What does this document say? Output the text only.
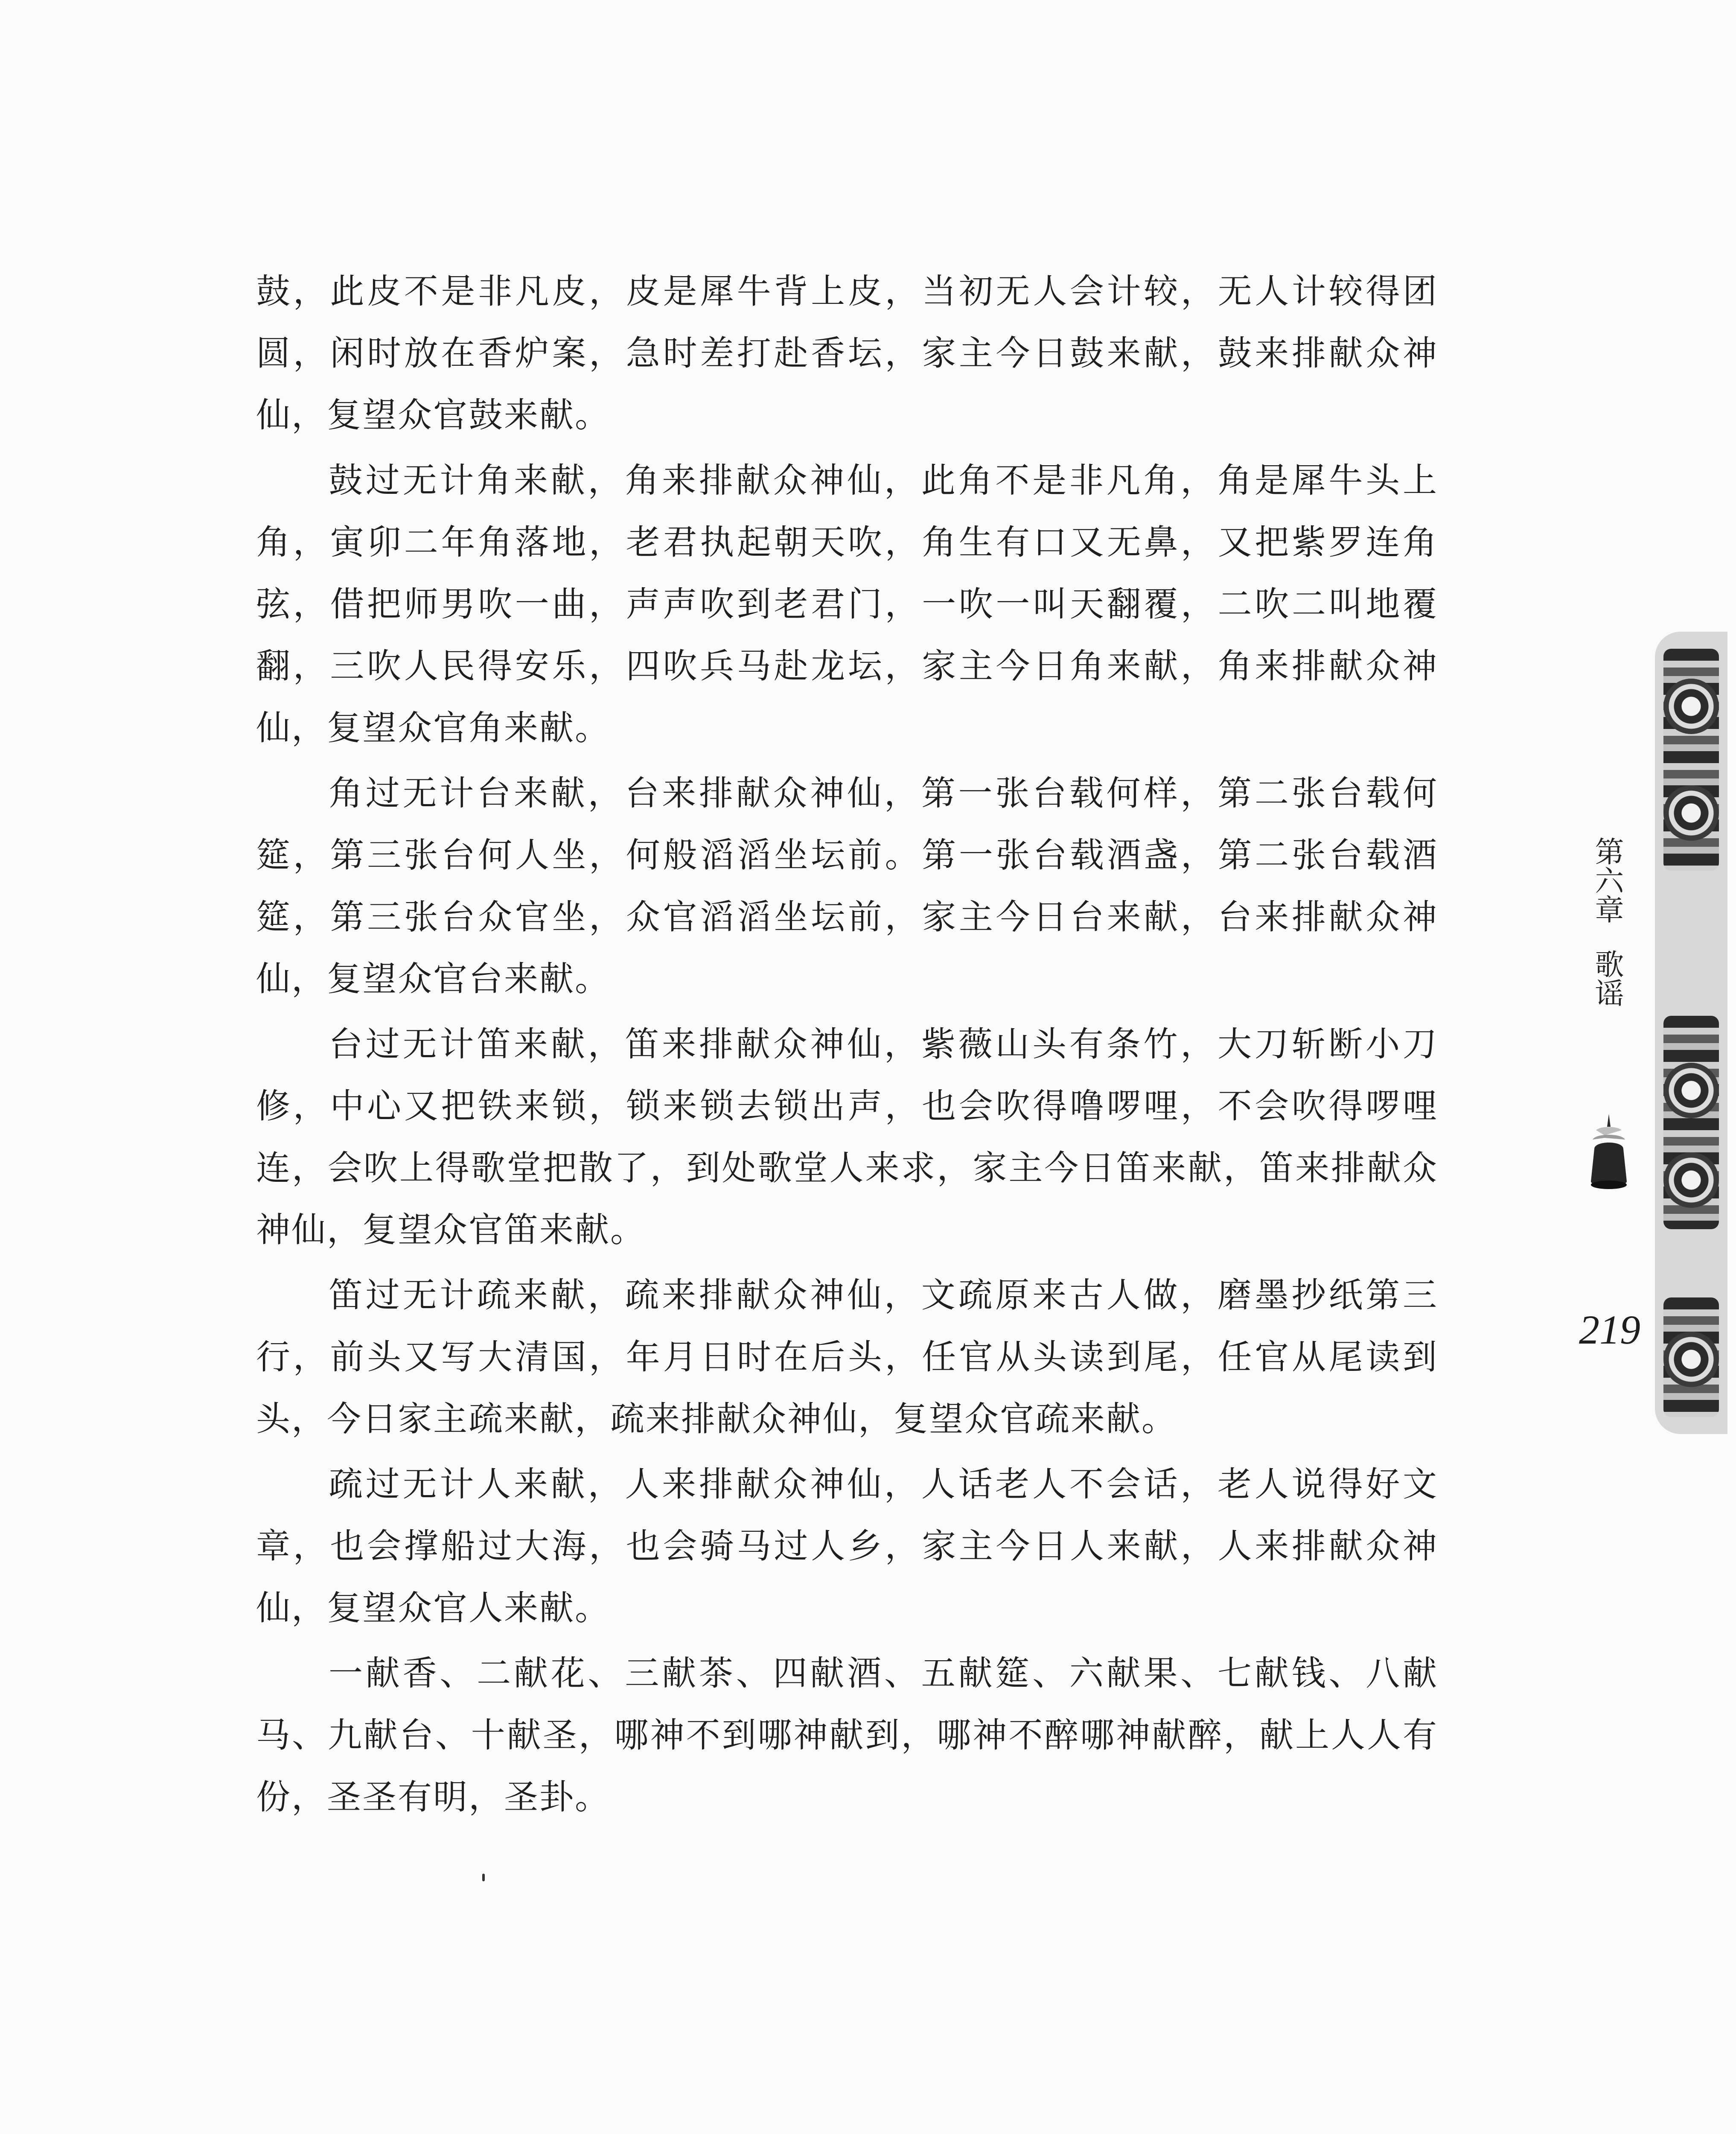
鼓，此皮不是非凡皮，皮是犀牛背上皮，当初无人会计较，无人计较得团圆，闲时放在香炉案，急时差打赴香坛，家主今日鼓来献，鼓来排献众神仙，复望众官鼓来献。

鼓过无计角来献，角来排献众神仙，此角不是非凡角，角是犀牛头上角，寅卯二年角落地，老君执起朝天吹，角生有口又无鼻，又把紫罗连角弦，借把师男吹一曲，声声吹到老君门，一吹一叫天翻覆，二吹二叫地覆翻，三吹人民得安乐，四吹兵马赴龙坛，家主今日角来献，角来排献众神仙，复望众官角来献。

角过无计台来献，台来排献众神仙，第一张台载何样，第二张台载何筵，第三张台何人坐，何般滔滔坐坛前。第一张台载酒盏，第二张台载酒筵，第三张台众官坐，众官滔滔坐坛前，家主今日台来献，台来排献众神仙，复望众官台来献。

台过无计笛来献，笛来排献众神仙，紫薇山头有条竹，大刀斩断小刀修，中心又把铁来锁，锁来锁去锁出声，也会吹得噜啰哩，不会吹得啰哩连，会吹上得歌堂把散了，到处歌堂人来求，家主今日笛来献，笛来排献众神仙，复望众官笛来献。

笛过无计疏来献，疏来排献众神仙，文疏原来古人做，磨墨抄纸第三行，前头又写大清国，年月日时在后头，任官从头读到尾，任官从尾读到头，今日家主疏来献，疏来排献众神仙，复望众官疏来献。

疏过无计人来献，人来排献众神仙，人话老人不会话，老人说得好文章，也会撑船过大海，也会骑马过人乡，家主今日人来献，人来排献众神仙，复望众官人来献。

一献香、二献花、三献茶、四献酒、五献筵、六献果、七献钱、八献马、九献台、十献圣，哪神不到哪神献到，哪神不醉哪神献醉，献上人人有份，圣圣有明，圣卦。

第六章
歌谣
219
